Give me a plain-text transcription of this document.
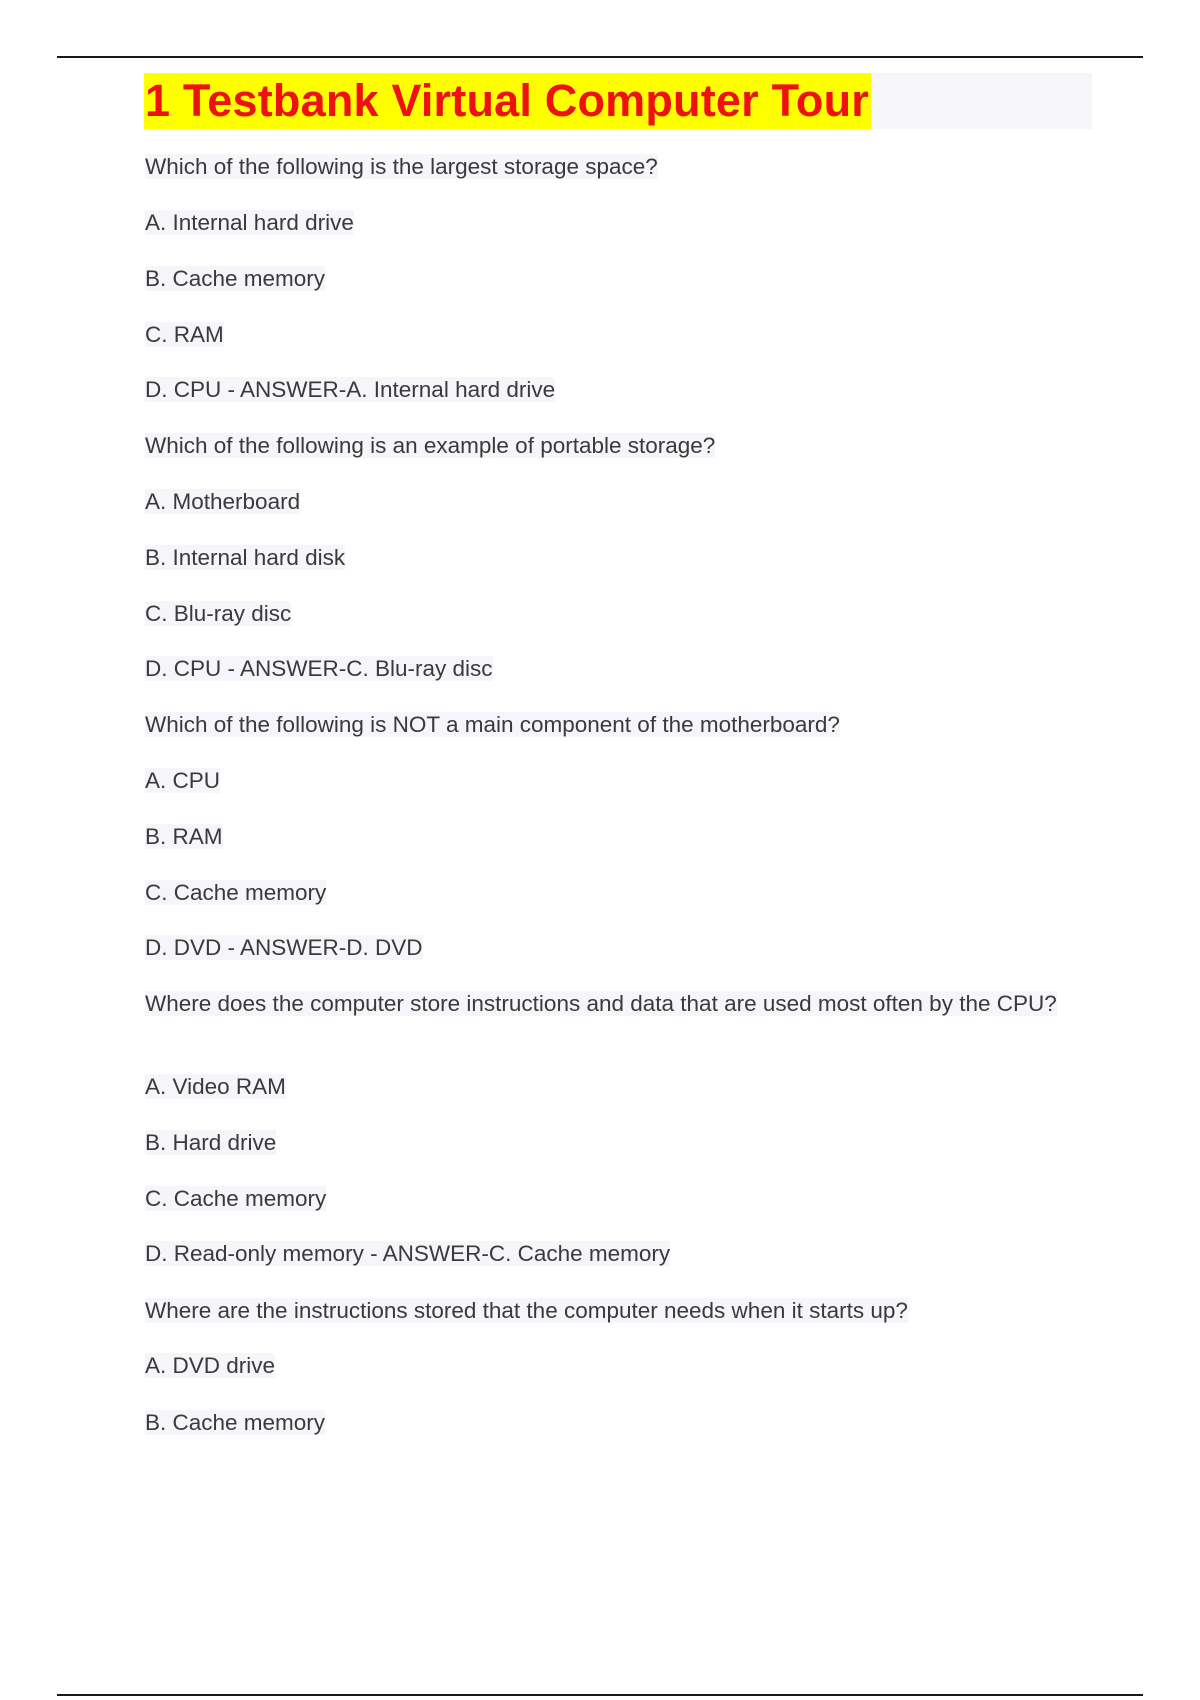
1 Testbank Virtual Computer Tour

Which of the following is the largest storage space?

A. Internal hard drive

B. Cache memory

C. RAM

D. CPU - ANSWER-A. Internal hard drive

Which of the following is an example of portable storage?

A. Motherboard

B. Internal hard disk

C. Blu-ray disc

D. CPU - ANSWER-C. Blu-ray disc

Which of the following is NOT a main component of the motherboard?

A. CPU

B. RAM

C. Cache memory

D. DVD - ANSWER-D. DVD

Where does the computer store instructions and data that are used most often by the CPU?

A. Video RAM

B. Hard drive

C. Cache memory

D. Read-only memory - ANSWER-C. Cache memory

Where are the instructions stored that the computer needs when it starts up?

A. DVD drive

B. Cache memory
